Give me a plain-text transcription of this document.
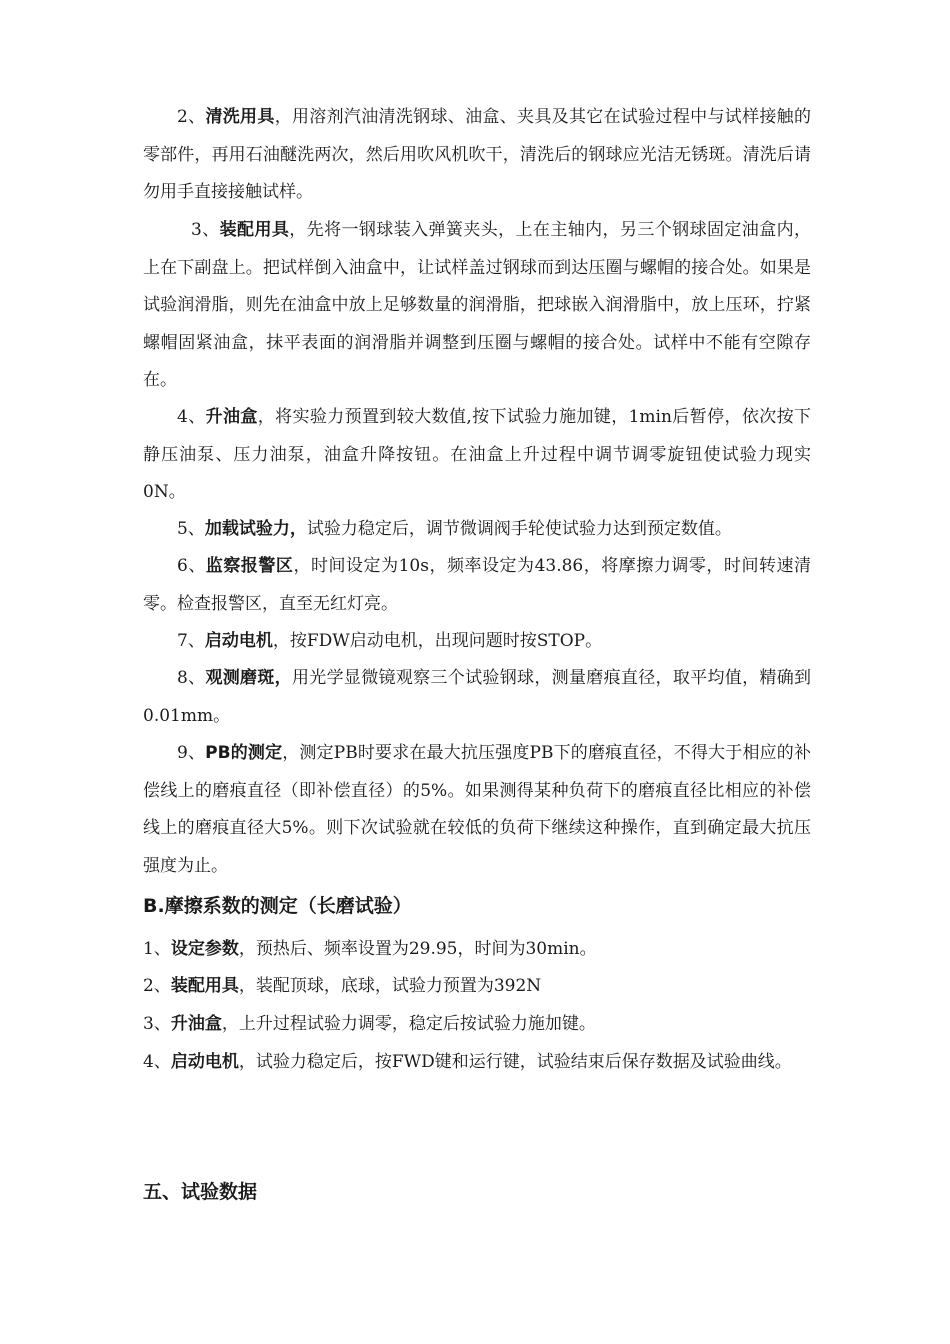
2、清洗用具，用溶剂汽油清洗钢球、油盒、夹具及其它在试验过程中与试样接触的零部件，再用石油醚洗两次，然后用吹风机吹干，清洗后的钢球应光洁无锈斑。清洗后请勿用手直接接触试样。

3、装配用具，先将一钢球装入弹簧夹头，上在主轴内，另三个钢球固定油盒内，上在下副盘上。把试样倒入油盒中，让试样盖过钢球而到达压圈与螺帽的接合处。如果是试验润滑脂，则先在油盒中放上足够数量的润滑脂，把球嵌入润滑脂中，放上压环，拧紧螺帽固紧油盒，抹平表面的润滑脂并调整到压圈与螺帽的接合处。试样中不能有空隙存在。

4、升油盒，将实验力预置到较大数值,按下试验力施加键，1min后暂停，依次按下静压油泵、压力油泵，油盒升降按钮。在油盒上升过程中调节调零旋钮使试验力现实0N。

5、加载试验力，试验力稳定后，调节微调阀手轮使试验力达到预定数值。

6、监察报警区，时间设定为10s，频率设定为43.86，将摩擦力调零，时间转速清零。检查报警区，直至无红灯亮。

7、启动电机，按FDW启动电机，出现问题时按STOP。

8、观测磨斑，用光学显微镜观察三个试验钢球，测量磨痕直径，取平均值，精确到0.01mm。

9、PB的测定，测定PB时要求在最大抗压强度PB下的磨痕直径，不得大于相应的补偿线上的磨痕直径（即补偿直径）的5%。如果测得某种负荷下的磨痕直径比相应的补偿线上的磨痕直径大5%。则下次试验就在较低的负荷下继续这种操作，直到确定最大抗压强度为止。

B.摩擦系数的测定（长磨试验）

1、设定参数，预热后、频率设置为29.95，时间为30min。

2、装配用具，装配顶球，底球，试验力预置为392N

3、升油盒，上升过程试验力调零，稳定后按试验力施加键。

4、启动电机，试验力稳定后，按FWD键和运行键，试验结束后保存数据及试验曲线。

五、试验数据
